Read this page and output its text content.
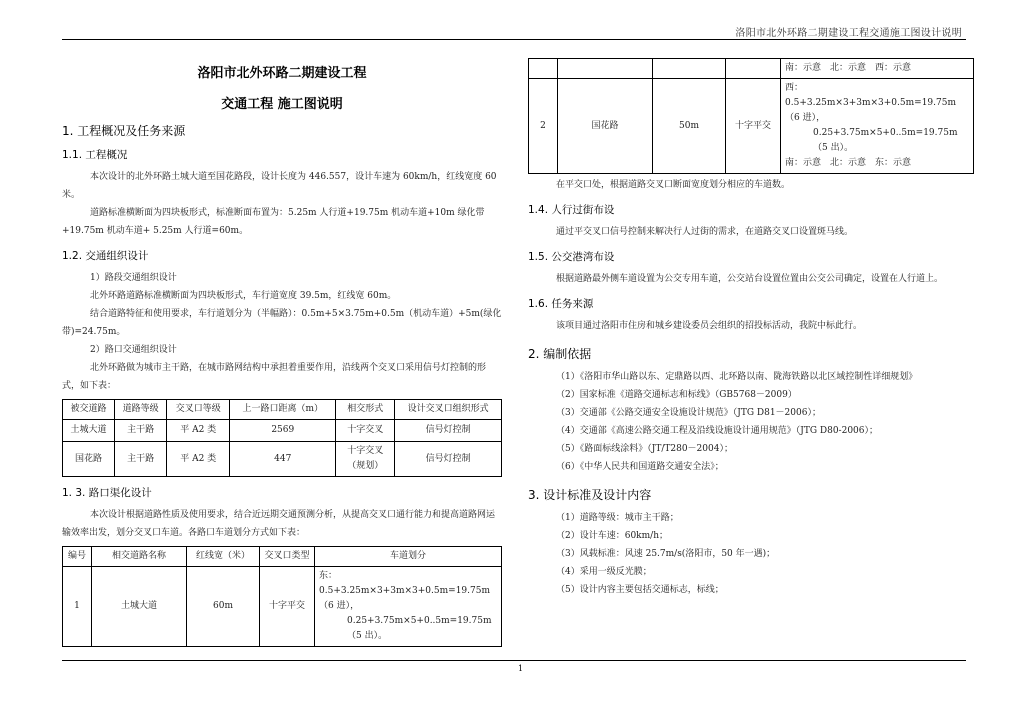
洛阳市北外环路二期建设工程交通施工图设计说明
洛阳市北外环路二期建设工程
交通工程 施工图说明
1. 工程概况及任务来源
1.1. 工程概况

本次设计的北外环路土城大道至国花路段，设计长度为 446.557，设计车速为 60km/h，红线宽度 60 米。

道路标准横断面为四块板形式，标准断面布置为：5.25m 人行道+19.75m 机动车道+10m 绿化带+19.75m 机动车道+ 5.25m 人行道=60m。

1.2. 交通组织设计

1）路段交通组织设计

北外环路道路标准横断面为四块板形式，车行道宽度 39.5m，红线宽 60m。

结合道路特征和使用要求，车行道划分为（半幅路）：0.5m+5×3.75m+0.5m（机动车道）+5m(绿化带)=24.75m。

2）路口交通组织设计

北外环路做为城市主干路，在城市路网结构中承担着重要作用，沿线两个交叉口采用信号灯控制的形式，如下表：

被交道路	道路等级	交叉口等级	上一路口距离（m）	相交形式	设计交叉口组织形式
土城大道	主干路	平 A2 类	2569	十字交叉	信号灯控制
国花路	主干路	平 A2 类	447	十字交叉（规划）	信号灯控制
1. 3. 路口渠化设计

本次设计根据道路性质及使用要求，结合近远期交通预测分析，从提高交叉口通行能力和提高道路网运输效率出发，划分交叉口车道。各路口车道划分方式如下表：

编号	相交道路名称	红线宽（米）	交叉口类型	车道划分
1	土城大道	60m	十字平交	东：0.5+3.25m×3+3m×3+0.5m=19.75m（6 进），
0.25+3.75m×5+0..5m=19.75m（5 出）。
				南：示意　北：示意　西：示意
2	国花路	50m	十字平交	西：0.5+3.25m×3+3m×3+0.5m=19.75m（6 进），
0.25+3.75m×5+0..5m=19.75m（5 出）。
南：示意　北：示意　东：示意

在平交口处，根据道路交叉口断面宽度划分相应的车道数。

1.4. 人行过街布设

通过平交叉口信号控制来解决行人过街的需求，在道路交叉口设置斑马线。

1.5. 公交港湾布设

根据道路最外侧车道设置为公交专用车道，公交站台设置位置由公交公司确定，设置在人行道上。

1.6. 任务来源

该项目通过洛阳市住房和城乡建设委员会组织的招投标活动，我院中标此行。

2. 编制依据

（1）《洛阳市华山路以东、定鼎路以西、北环路以南、陇海铁路以北区域控制性详细规划》

（2）国家标准《道路交通标志和标线》（GB5768－2009）

（3）交通部《公路交通安全设施设计规范》（JTG D81－2006）；

（4）交通部《高速公路交通工程及沿线设施设计通用规范》（JTG D80-2006）；

（5）《路面标线涂料》（JT/T280－2004）；

（6）《中华人民共和国道路交通安全法》；

3. 设计标准及设计内容

（1）道路等级：城市主干路；

（2）设计车速：60km/h；

（3）风载标准：风速 25.7m/s(洛阳市，50 年一遇)；

（4）采用一级反光膜；

（5）设计内容主要包括交通标志，标线；

1
